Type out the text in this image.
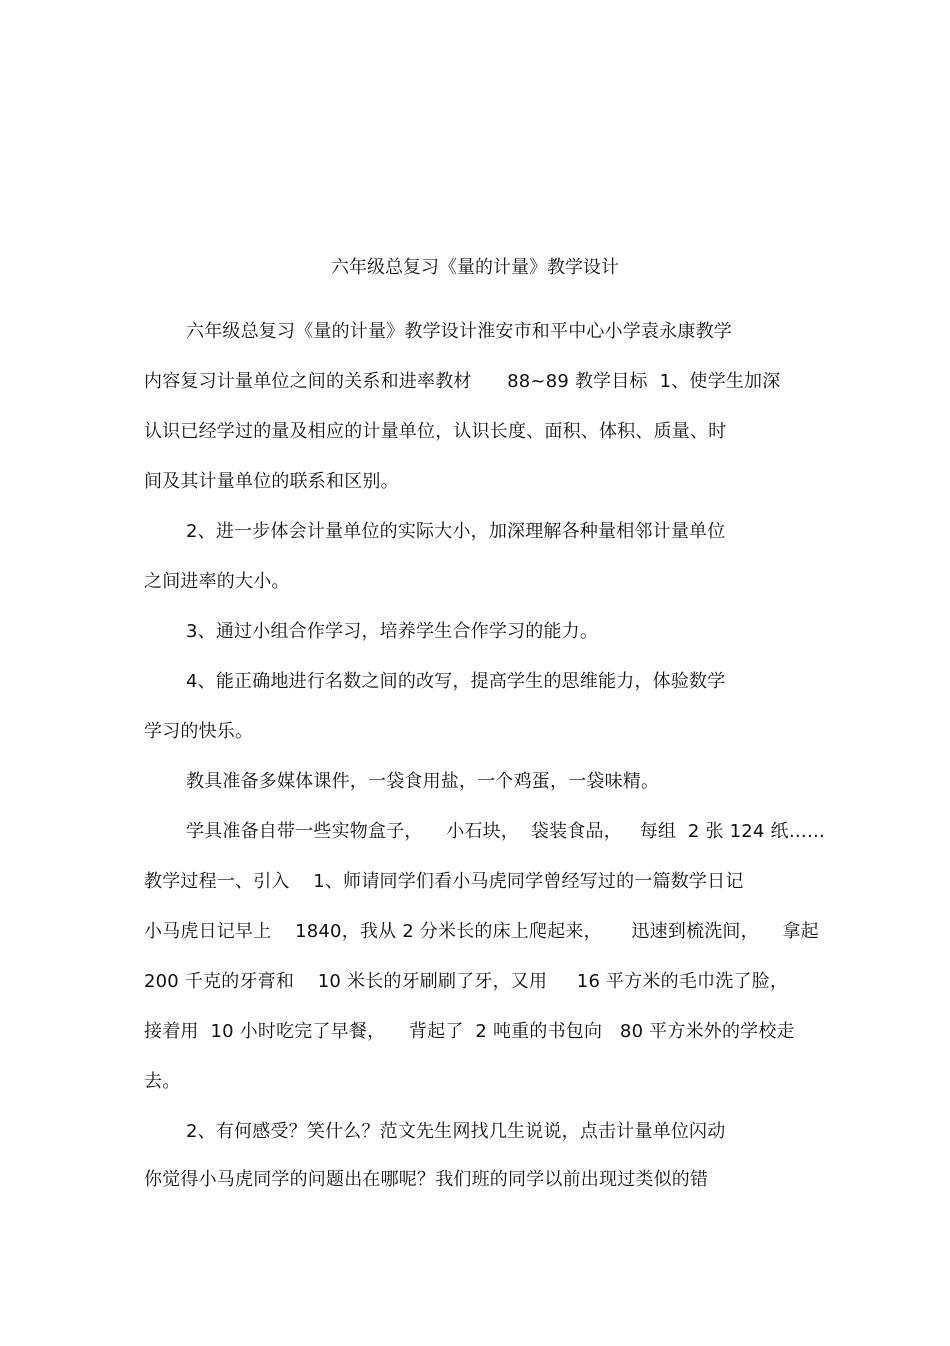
六年级总复习《量的计量》教学设计
六年级总复习《量的计量》教学设计淮安市和平中心小学袁永康教学
内容复习计量单位之间的关系和进率教材      88~89 教学目标  1、使学生加深
认识已经学过的量及相应的计量单位，认识长度、面积、体积、质量、时
间及其计量单位的联系和区别。
2、进一步体会计量单位的实际大小，加深理解各种量相邻计量单位
之间进率的大小。
3、通过小组合作学习，培养学生合作学习的能力。
4、能正确地进行名数之间的改写，提高学生的思维能力，体验数学
学习的快乐。
教具准备多媒体课件，一袋食用盐，一个鸡蛋，一袋味精。
学具准备自带一些实物盒子，    小石块，  袋装食品，   每组  2 张 124 纸……
教学过程一、引入    1、师请同学们看小马虎同学曾经写过的一篇数学日记
小马虎日记早上    1840，我从 2 分米长的床上爬起来，     迅速到梳洗间，    拿起
200 千克的牙膏和    10 米长的牙刷刷了牙，又用     16 平方米的毛巾洗了脸，
接着用  10 小时吃完了早餐，    背起了  2 吨重的书包向   80 平方米外的学校走
去。
2、有何感受？笑什么？范文先生网找几生说说，点击计量单位闪动
你觉得小马虎同学的问题出在哪呢？我们班的同学以前出现过类似的错
